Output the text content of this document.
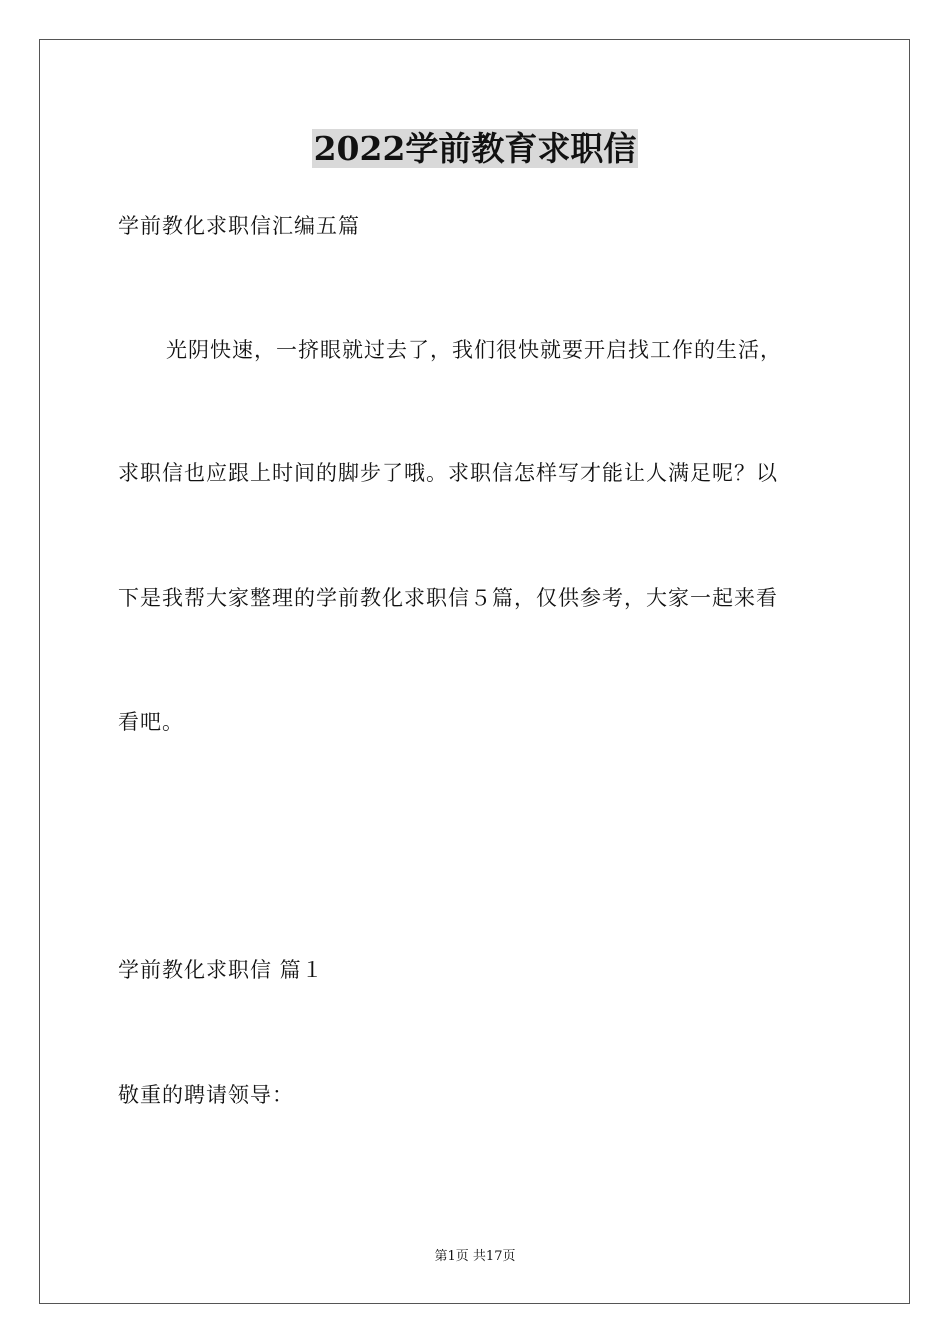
2022学前教育求职信
学前教化求职信汇编五篇
光阴快速，一挤眼就过去了，我们很快就要开启找工作的生活，
求职信也应跟上时间的脚步了哦。求职信怎样写才能让人满足呢？以
下是我帮大家整理的学前教化求职信５篇，仅供参考，大家一起来看
看吧。
学前教化求职信 篇１
敬重的聘请领导：
第1页 共17页
